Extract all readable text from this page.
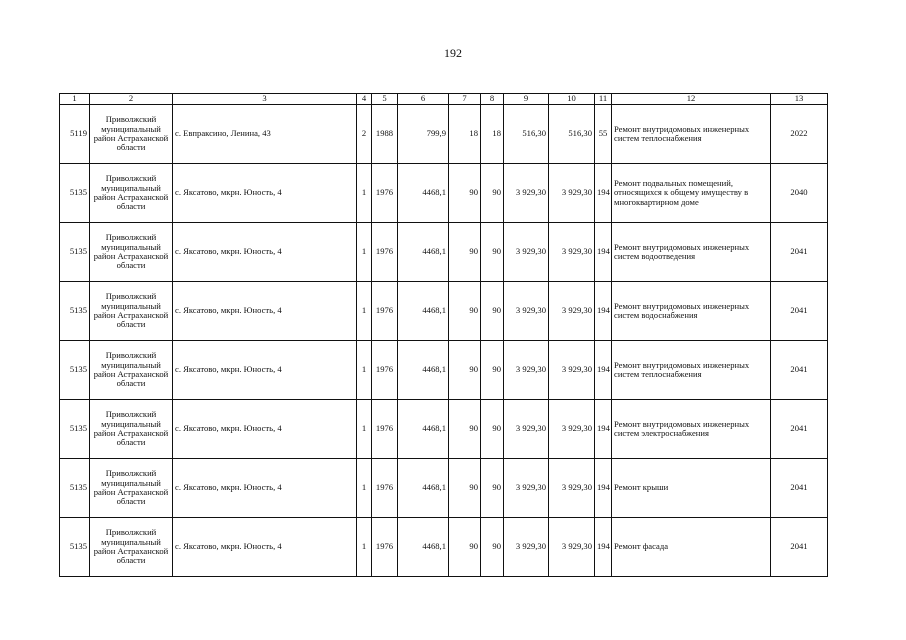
192
1	2	3	4	5	6	7	8	9	10	11	12	13
5119	Приволжский муниципальный район Астраханской области	с. Евпраксино, Ленина, 43	2	1988	799,9	18	18	516,30	516,30	55	Ремонт внутридомовых инженерных систем теплоснабжения	2022
5135	Приволжский муниципальный район Астраханской области	с. Яксатово, мкрн. Юность, 4	1	1976	4468,1	90	90	3 929,30	3 929,30	194	Ремонт подвальных помещений, относящихся к общему имуществу в многоквартирном доме	2040
5135	Приволжский муниципальный район Астраханской области	с. Яксатово, мкрн. Юность, 4	1	1976	4468,1	90	90	3 929,30	3 929,30	194	Ремонт внутридомовых инженерных систем водоотведения	2041
5135	Приволжский муниципальный район Астраханской области	с. Яксатово, мкрн. Юность, 4	1	1976	4468,1	90	90	3 929,30	3 929,30	194	Ремонт внутридомовых инженерных систем водоснабжения	2041
5135	Приволжский муниципальный район Астраханской области	с. Яксатово, мкрн. Юность, 4	1	1976	4468,1	90	90	3 929,30	3 929,30	194	Ремонт внутридомовых инженерных систем теплоснабжения	2041
5135	Приволжский муниципальный район Астраханской области	с. Яксатово, мкрн. Юность, 4	1	1976	4468,1	90	90	3 929,30	3 929,30	194	Ремонт внутридомовых инженерных систем электроснабжения	2041
5135	Приволжский муниципальный район Астраханской области	с. Яксатово, мкрн. Юность, 4	1	1976	4468,1	90	90	3 929,30	3 929,30	194	Ремонт крыши	2041
5135	Приволжский муниципальный район Астраханской области	с. Яксатово, мкрн. Юность, 4	1	1976	4468,1	90	90	3 929,30	3 929,30	194	Ремонт фасада	2041
